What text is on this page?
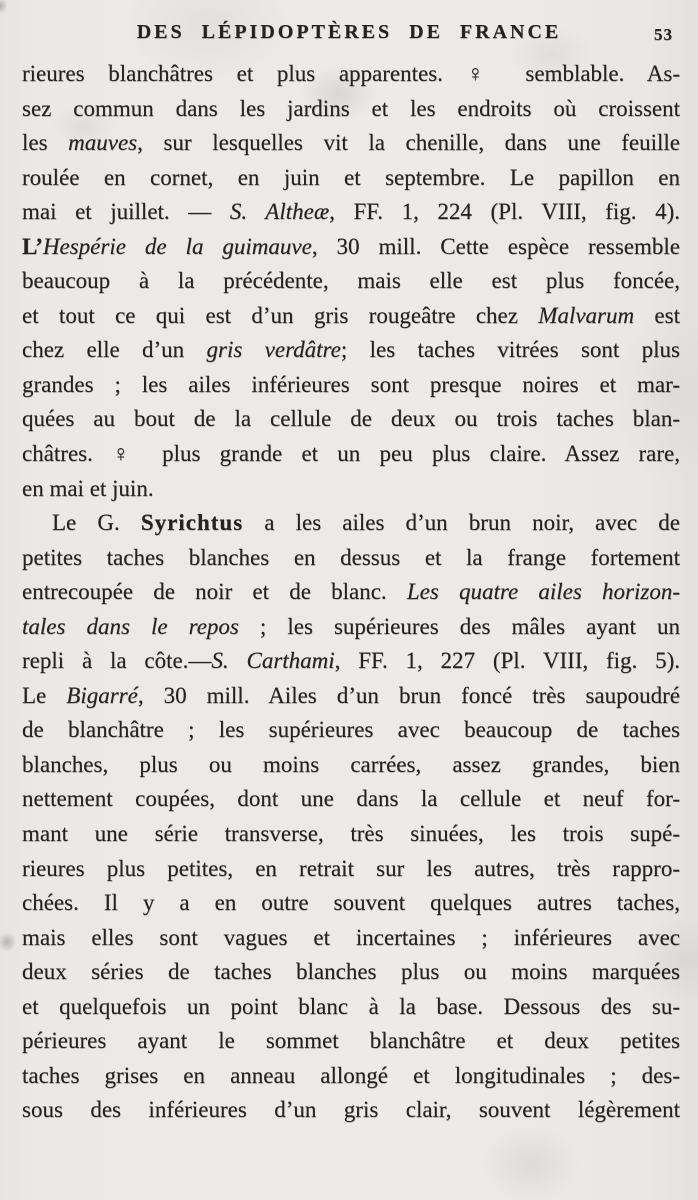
DES LÉPIDOPTÈRES DE FRANCE	53
rieures blanchâtres et plus apparentes. ♀ semblable. As-
sez commun dans les jardins et les endroits où croissent
les mauves, sur lesquelles vit la chenille, dans une feuille
roulée en cornet, en juin et septembre. Le papillon en
mai et juillet. — S. Altheæ, FF. 1, 224 (Pl. VIII, fig. 4).
L’Hespérie de la guimauve, 30 mill. Cette espèce ressemble
beaucoup à la précédente, mais elle est plus foncée,
et tout ce qui est d’un gris rougeâtre chez Malvarum est
chez elle d’un gris verdâtre; les taches vitrées sont plus
grandes ; les ailes inférieures sont presque noires et mar-
quées au bout de la cellule de deux ou trois taches blan-
châtres. ♀ plus grande et un peu plus claire. Assez rare,
en mai et juin.
Le G. Syrichtus a les ailes d’un brun noir, avec de
petites taches blanches en dessus et la frange fortement
entrecoupée de noir et de blanc. Les quatre ailes horizon-
tales dans le repos ; les supérieures des mâles ayant un
repli à la côte.—S. Carthami, FF. 1, 227 (Pl. VIII, fig. 5).
Le Bigarré, 30 mill. Ailes d’un brun foncé très saupoudré
de blanchâtre ; les supérieures avec beaucoup de taches
blanches, plus ou moins carrées, assez grandes, bien
nettement coupées, dont une dans la cellule et neuf for-
mant une série transverse, très sinuées, les trois supé-
rieures plus petites, en retrait sur les autres, très rappro-
chées. Il y a en outre souvent quelques autres taches,
mais elles sont vagues et incertaines ; inférieures avec
deux séries de taches blanches plus ou moins marquées
et quelquefois un point blanc à la base. Dessous des su-
périeures ayant le sommet blanchâtre et deux petites
taches grises en anneau allongé et longitudinales ; des-
sous des inférieures d’un gris clair, souvent légèrement
